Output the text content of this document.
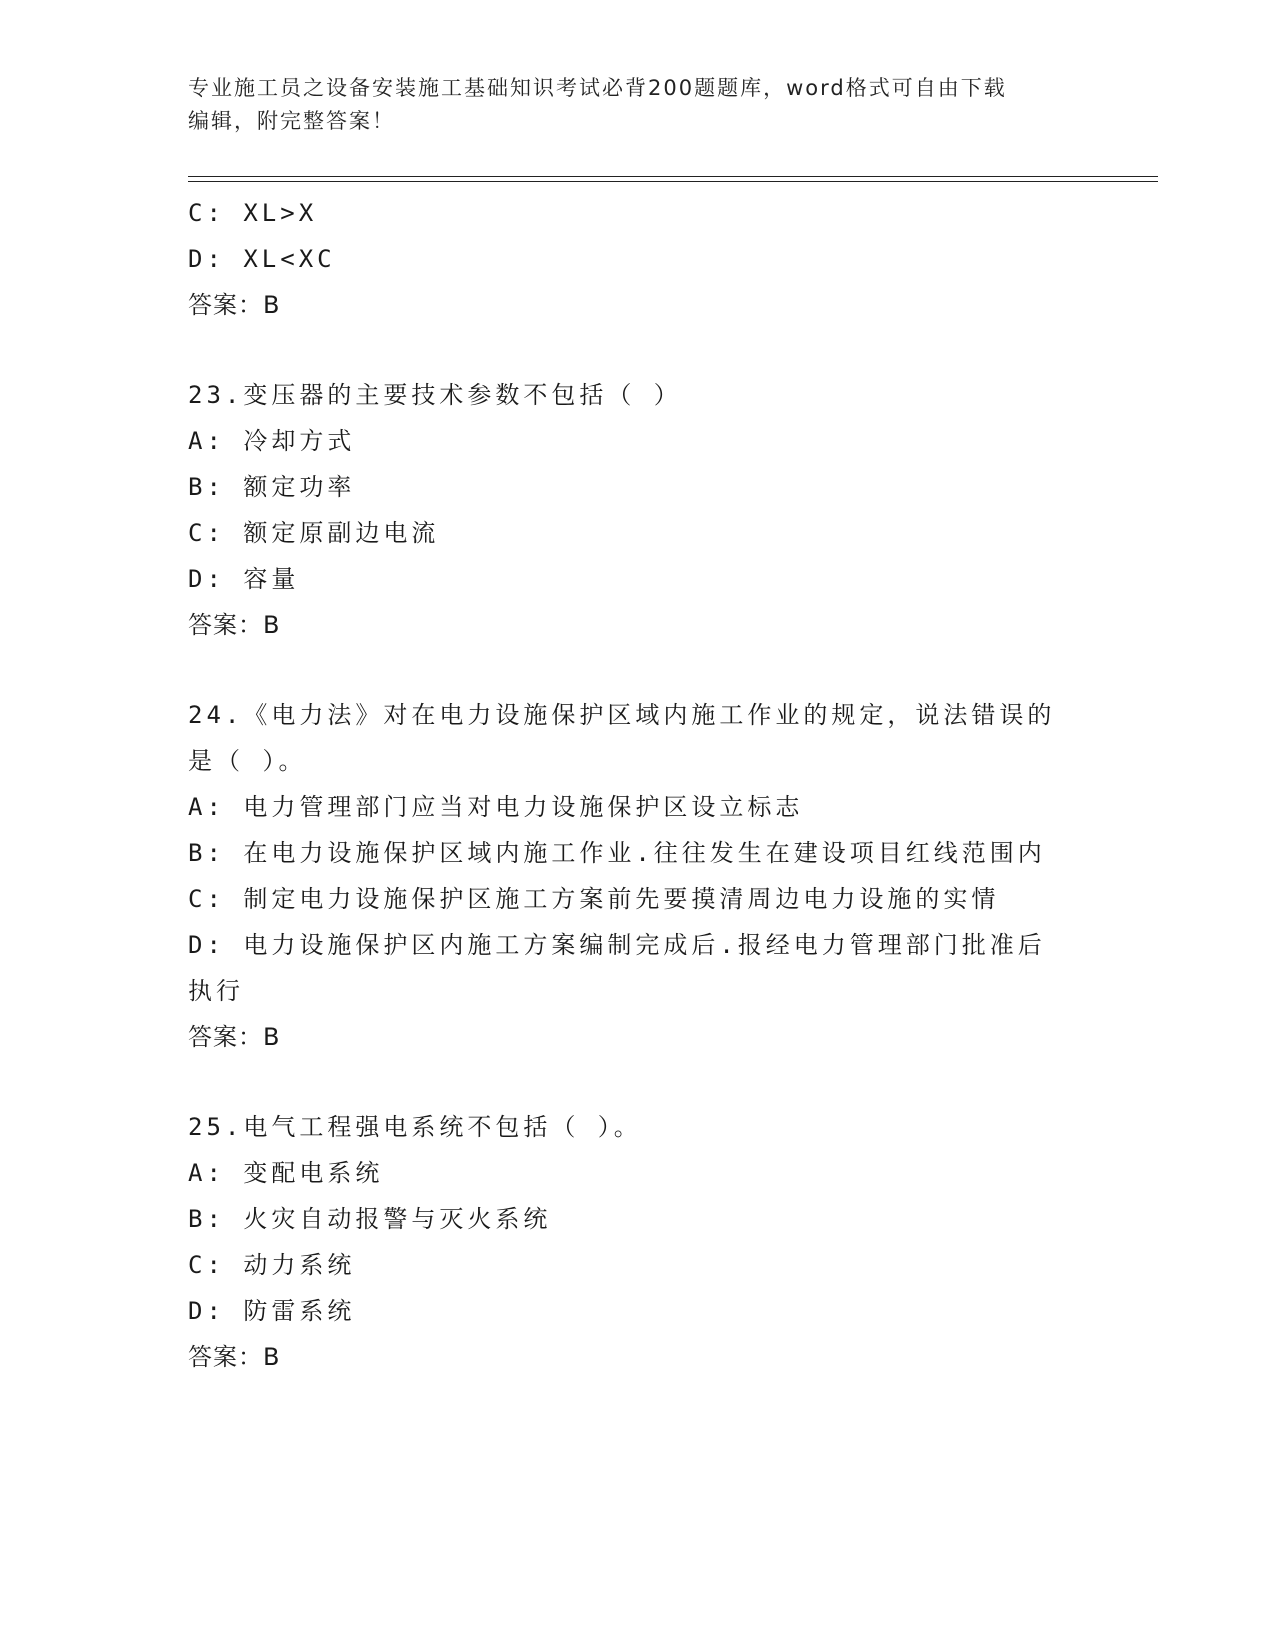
专业施工员之设备安装施工基础知识考试必背200题题库，word格式可自由下载
编辑，附完整答案！
C: XL>X
D: XL<XC
答案：B
23.变压器的主要技术参数不包括（ ）
A: 冷却方式
B: 额定功率
C: 额定原副边电流
D: 容量
答案：B
24.《电力法》对在电力设施保护区域内施工作业的规定，说法错误的
是（ ）。
A: 电力管理部门应当对电力设施保护区设立标志
B: 在电力设施保护区域内施工作业.往往发生在建设项目红线范围内
C: 制定电力设施保护区施工方案前先要摸清周边电力设施的实情
D: 电力设施保护区内施工方案编制完成后.报经电力管理部门批准后
执行
答案：B
25.电气工程强电系统不包括（ ）。
A: 变配电系统
B: 火灾自动报警与灭火系统
C: 动力系统
D: 防雷系统
答案：B
